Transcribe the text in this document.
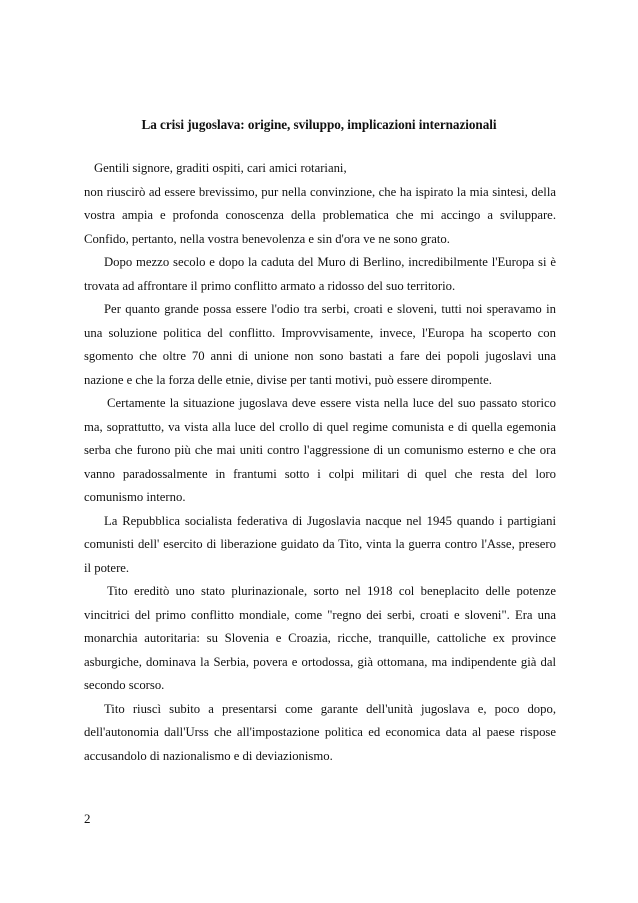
La crisi jugoslava: origine, sviluppo, implicazioni internazionali

Gentili signore, graditi ospiti, cari amici rotariani,

non riuscirò ad essere brevissimo, pur nella convinzione, che ha ispirato la mia sintesi, della vostra ampia e profonda conoscenza della problematica che mi accingo a sviluppare. Confido, pertanto, nella vostra benevolenza e sin d'ora ve ne sono grato.

Dopo mezzo secolo e dopo la caduta del Muro di Berlino, incredibilmente l'Europa si è trovata ad affrontare il primo conflitto armato a ridosso del suo territorio.

Per quanto grande possa essere l'odio tra serbi, croati e sloveni, tutti noi speravamo in una soluzione politica del conflitto. Improvvisamente, invece, l'Europa ha scoperto con sgomento che oltre 70 anni di unione non sono bastati a fare dei popoli jugoslavi una nazione e che la forza delle etnie, divise per tanti motivi, può essere dirompente.

Certamente la situazione jugoslava deve essere vista nella luce del suo passato storico ma, soprattutto, va vista alla luce del crollo di quel regime comunista e di quella egemonia serba che furono più che mai uniti contro l'aggressione di un comunismo esterno e che ora vanno paradossalmente in frantumi sotto i colpi militari di quel che resta del loro comunismo interno.

La Repubblica socialista federativa di Jugoslavia nacque nel 1945 quando i partigiani comunisti dell' esercito di liberazione guidato da Tito, vinta la guerra contro l'Asse, presero il potere.

Tito ereditò uno stato plurinazionale, sorto nel 1918 col beneplacito delle potenze vincitrici del primo conflitto mondiale, come "regno dei serbi, croati e sloveni". Era una monarchia autoritaria: su Slovenia e Croazia, ricche, tranquille, cattoliche ex province asburgiche, dominava la Serbia, povera e ortodossa, già ottomana, ma indipendente già dal secondo scorso.

Tito riuscì subito a presentarsi come garante dell'unità jugoslava e, poco dopo, dell'autonomia dall'Urss che all'impostazione politica ed economica data al paese rispose accusandolo di nazionalismo e di deviazionismo.

2
